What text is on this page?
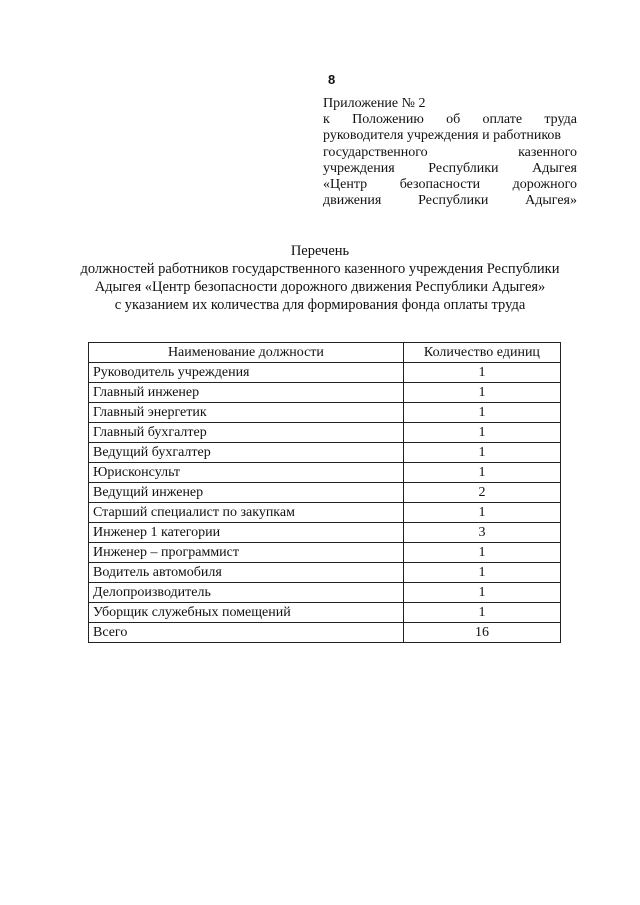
8
Приложение № 2
к Положению об оплате труда
руководителя учреждения и работников
государственного	казенного
учреждения Республики Адыгея
«Центр безопасности дорожного
движения	Республики	Адыгея»
Перечень
должностей работников государственного казенного учреждения Республики
Адыгея «Центр безопасности дорожного движения Республики Адыгея»
с указанием их количества для формирования фонда оплаты труда
Наименование должности	Количество единиц
Руководитель учреждения	1
Главный инженер	1
Главный энергетик	1
Главный бухгалтер	1
Ведущий бухгалтер	1
Юрисконсульт	1
Ведущий инженер	2
Старший специалист по закупкам	1
Инженер 1 категории	3
Инженер – программист	1
Водитель автомобиля	1
Делопроизводитель	1
Уборщик служебных помещений	1
Всего	16
